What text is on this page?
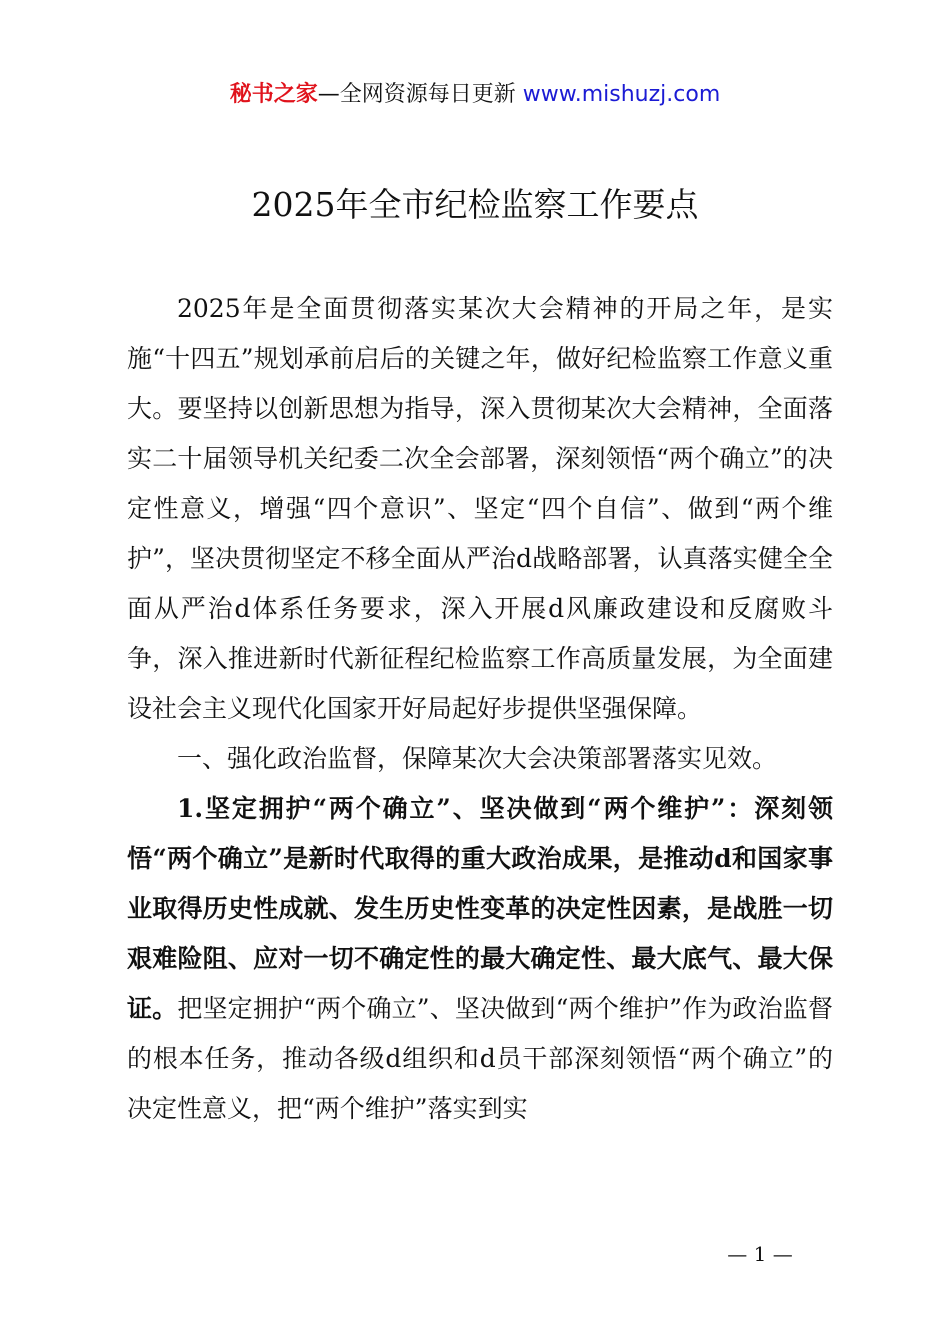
秘书之家—全网资源每日更新 www.mishuzj.com
2025年全市纪检监察工作要点

2025年是全面贯彻落实某次大会精神的开局之年，是实施“十四五”规划承前启后的关键之年，做好纪检监察工作意义重大。要坚持以创新思想为指导，深入贯彻某次大会精神，全面落实二十届领导机关纪委二次全会部署，深刻领悟“两个确立”的决定性意义，增强“四个意识”、坚定“四个自信”、做到“两个维护”，坚决贯彻坚定不移全面从严治d战略部署，认真落实健全全面从严治d体系任务要求，深入开展d风廉政建设和反腐败斗争，深入推进新时代新征程纪检监察工作高质量发展，为全面建设社会主义现代化国家开好局起好步提供坚强保障。

一、强化政治监督，保障某次大会决策部署落实见效。

1.坚定拥护“两个确立”、坚决做到“两个维护”：深刻领悟“两个确立”是新时代取得的重大政治成果，是推动d和国家事业取得历史性成就、发生历史性变革的决定性因素，是战胜一切艰难险阻、应对一切不确定性的最大确定性、最大底气、最大保证。把坚定拥护“两个确立”、坚决做到“两个维护”作为政治监督的根本任务，推动各级d组织和d员干部深刻领悟“两个确立”的决定性意义，把“两个维护”落实到实

— 1 —
